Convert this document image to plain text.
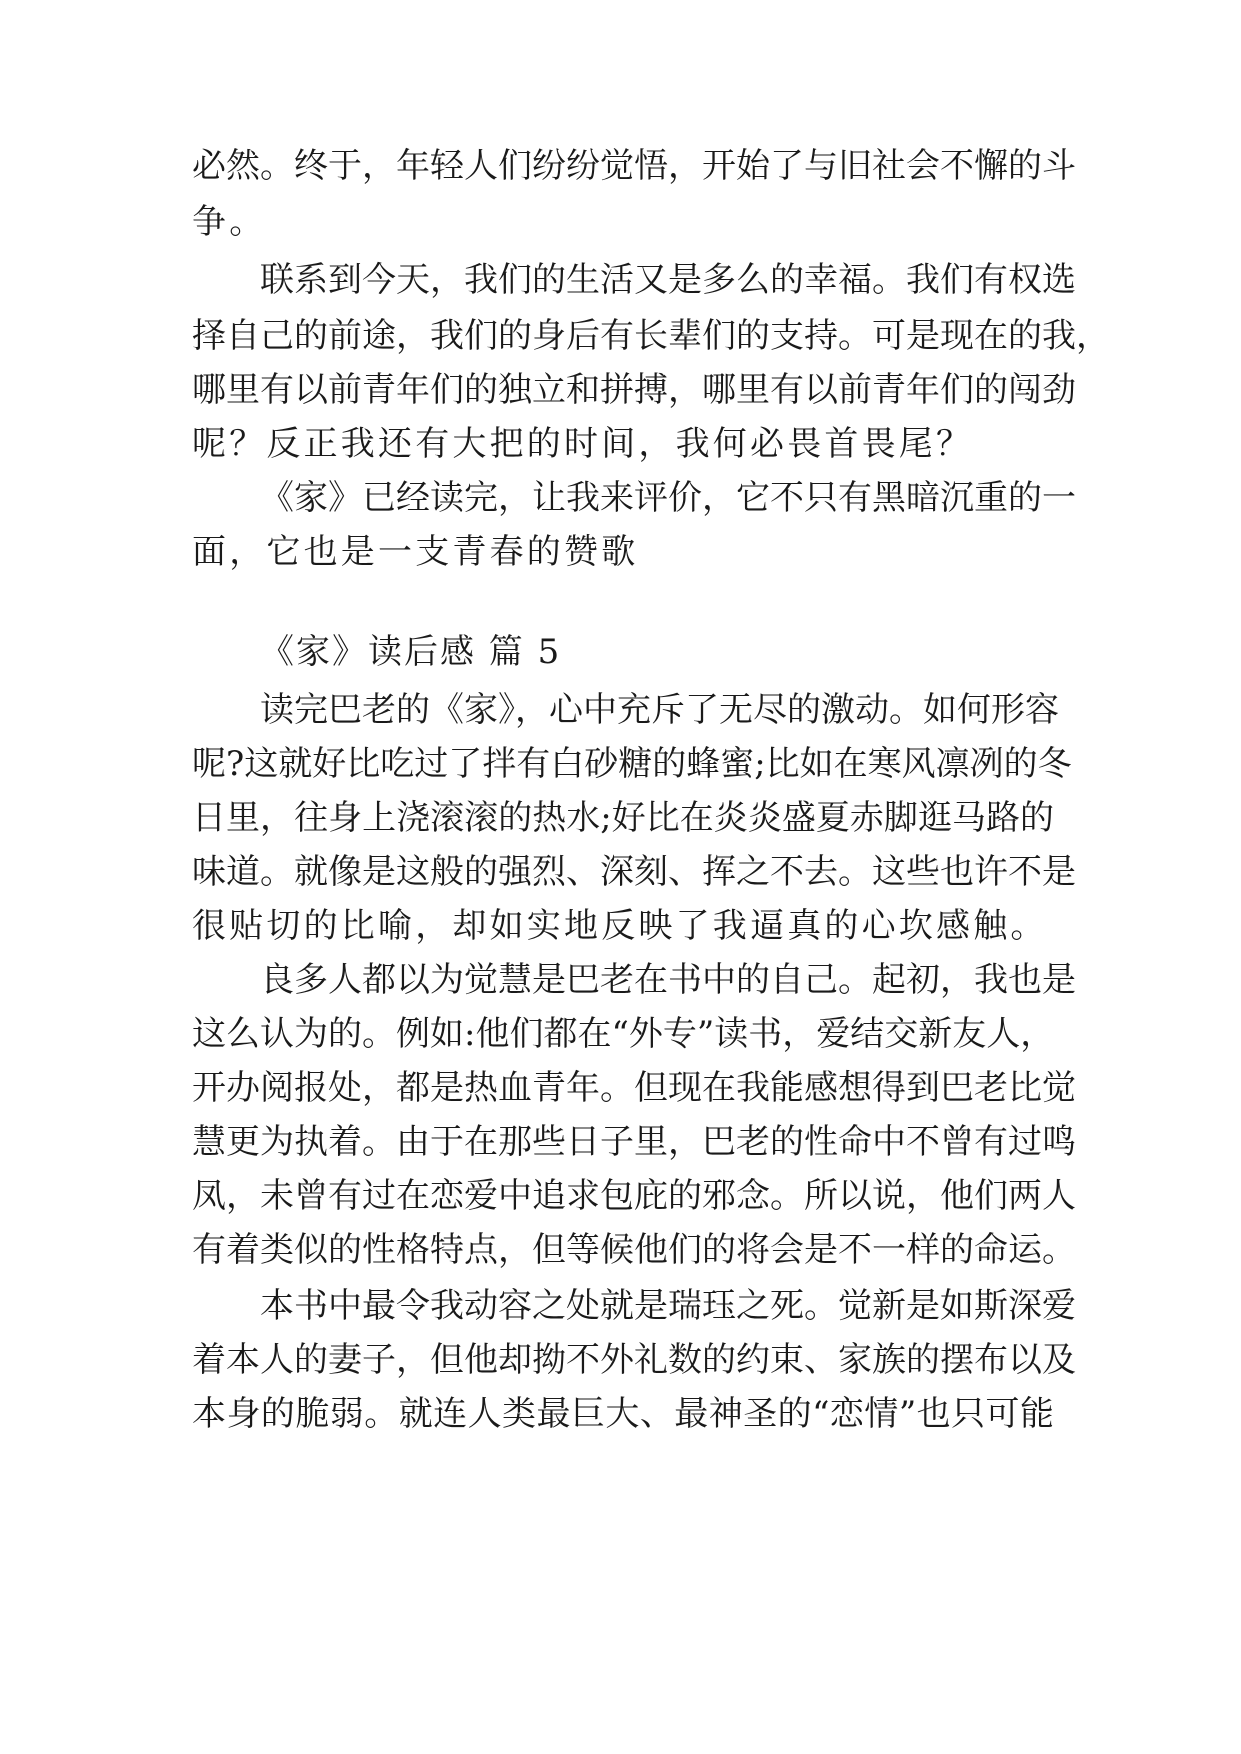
必然。终于，年轻人们纷纷觉悟，开始了与旧社会不懈的斗
争。
联系到今天，我们的生活又是多么的幸福。我们有权选
择自己的前途，我们的身后有长辈们的支持。可是现在的我，
哪里有以前青年们的独立和拼搏，哪里有以前青年们的闯劲
呢？反正我还有大把的时间，我何必畏首畏尾？
《家》已经读完，让我来评价，它不只有黑暗沉重的一
面，它也是一支青春的赞歌
《家》读后感 篇 5
读完巴老的《家》，心中充斥了无尽的激动。如何形容
呢?这就好比吃过了拌有白砂糖的蜂蜜;比如在寒风凛冽的冬
日里，往身上浇滚滚的热水;好比在炎炎盛夏赤脚逛马路的
味道。就像是这般的强烈、深刻、挥之不去。这些也许不是
很贴切的比喻，却如实地反映了我逼真的心坎感触。
良多人都以为觉慧是巴老在书中的自己。起初，我也是
这么认为的。例如:他们都在“外专”读书，爱结交新友人，
开办阅报处，都是热血青年。但现在我能感想得到巴老比觉
慧更为执着。由于在那些日子里，巴老的性命中不曾有过鸣
凤，未曾有过在恋爱中追求包庇的邪念。所以说，他们两人
有着类似的性格特点，但等候他们的将会是不一样的命运。
本书中最令我动容之处就是瑞珏之死。觉新是如斯深爱
着本人的妻子，但他却拗不外礼数的约束、家族的摆布以及
本身的脆弱。就连人类最巨大、最神圣的“恋情”也只可能
